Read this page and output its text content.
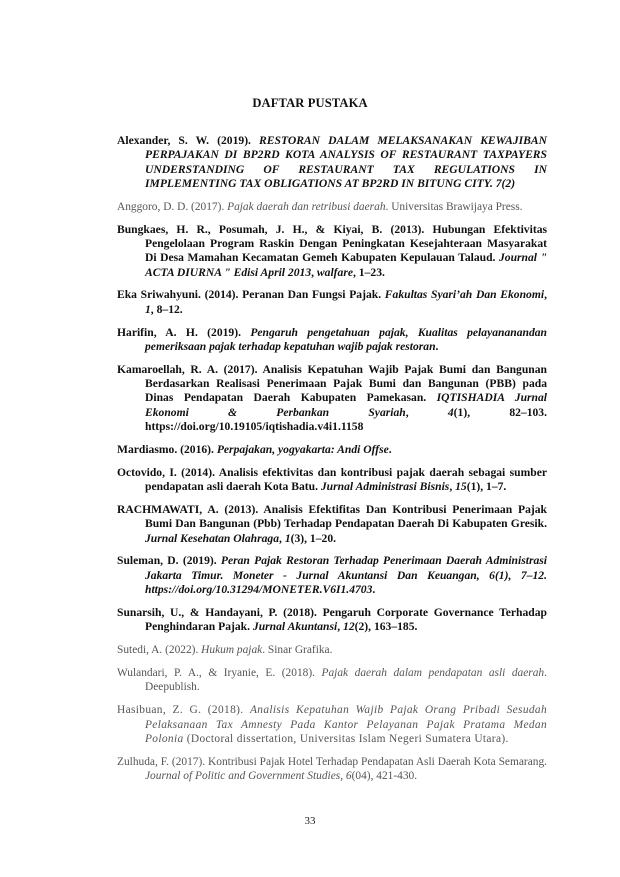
DAFTAR PUSTAKA

Alexander, S. W. (2019). RESTORAN DALAM MELAKSANAKAN KEWAJIBAN PERPAJAKAN DI BP2RD KOTA ANALYSIS OF RESTAURANT TAXPAYERS UNDERSTANDING OF RESTAURANT TAX REGULATIONS IN IMPLEMENTING TAX OBLIGATIONS AT BP2RD IN BITUNG CITY. 7(2)

Anggoro, D. D. (2017). Pajak daerah dan retribusi daerah. Universitas Brawijaya Press.

Bungkaes, H. R., Posumah, J. H., & Kiyai, B. (2013). Hubungan Efektivitas Pengelolaan Program Raskin Dengan Peningkatan Kesejahteraan Masyarakat Di Desa Mamahan Kecamatan Gemeh Kabupaten Kepulauan Talaud. Journal " ACTA DIURNA " Edisi April 2013, walfare, 1–23.

Eka Sriwahyuni. (2014). Peranan Dan Fungsi Pajak. Fakultas Syari’ah Dan Ekonomi, 1, 8–12.

Harifin, A. H. (2019). Pengaruh pengetahuan pajak, Kualitas pelayananandan pemeriksaan pajak terhadap kepatuhan wajib pajak restoran.

Kamaroellah, R. A. (2017). Analisis Kepatuhan Wajib Pajak Bumi dan Bangunan Berdasarkan Realisasi Penerimaan Pajak Bumi dan Bangunan (PBB) pada Dinas Pendapatan Daerah Kabupaten Pamekasan. IQTISHADIA Jurnal Ekonomi & Perbankan Syariah, 4(1), 82–103. https://doi.org/10.19105/iqtishadia.v4i1.1158

Mardiasmo. (2016). Perpajakan, yogyakarta: Andi Offse.

Octovido, I. (2014). Analisis efektivitas dan kontribusi pajak daerah sebagai sumber pendapatan asli daerah Kota Batu. Jurnal Administrasi Bisnis, 15(1), 1–7.

RACHMAWATI, A. (2013). Analisis Efektifitas Dan Kontribusi Penerimaan Pajak Bumi Dan Bangunan (Pbb) Terhadap Pendapatan Daerah Di Kabupaten Gresik. Jurnal Kesehatan Olahraga, 1(3), 1–20.

Suleman, D. (2019). Peran Pajak Restoran Terhadap Penerimaan Daerah Administrasi Jakarta Timur. Moneter - Jurnal Akuntansi Dan Keuangan, 6(1), 7–12. https://doi.org/10.31294/MONETER.V6I1.4703.

Sunarsih, U., & Handayani, P. (2018). Pengaruh Corporate Governance Terhadap Penghindaran Pajak. Jurnal Akuntansi, 12(2), 163–185.

Sutedi, A. (2022). Hukum pajak. Sinar Grafika.

Wulandari, P. A., & Iryanie, E. (2018). Pajak daerah dalam pendapatan asli daerah. Deepublish.

Hasibuan, Z. G. (2018). Analisis Kepatuhan Wajib Pajak Orang Pribadi Sesudah Pelaksanaan Tax Amnesty Pada Kantor Pelayanan Pajak Pratama Medan Polonia (Doctoral dissertation, Universitas Islam Negeri Sumatera Utara).

Zulhuda, F. (2017). Kontribusi Pajak Hotel Terhadap Pendapatan Asli Daerah Kota Semarang. Journal of Politic and Government Studies, 6(04), 421-430.

33
